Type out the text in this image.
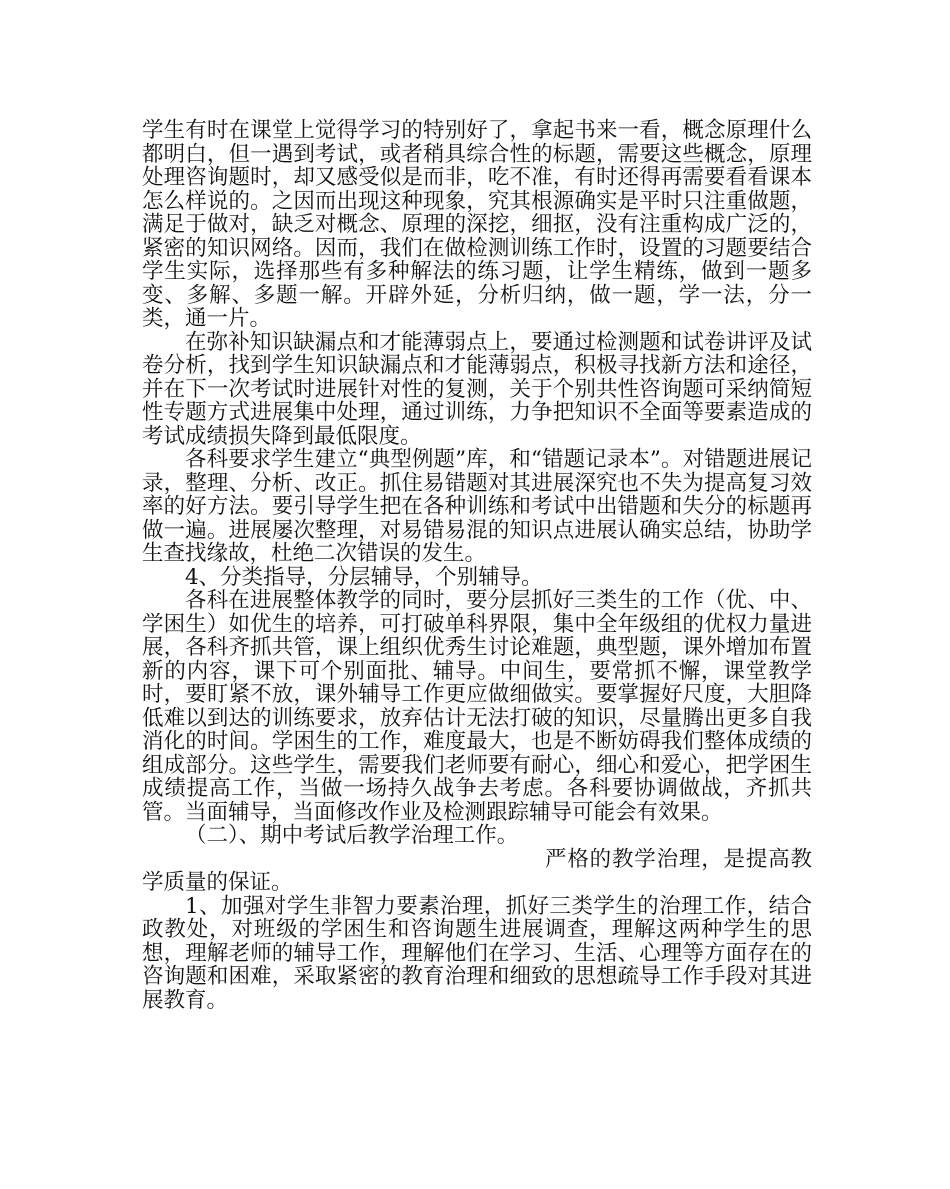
学生有时在课堂上觉得学习的特别好了，拿起书来一看，概念原理什么都明白，但一遇到考试，或者稍具综合性的标题，需要这些概念，原理处理咨询题时，却又感受似是而非，吃不准，有时还得再需要看看课本怎么样说的。之因而出现这种现象，究其根源确实是平时只注重做题，满足于做对，缺乏对概念、原理的深挖，细抠，没有注重构成广泛的，紧密的知识网络。因而，我们在做检测训练工作时，设置的习题要结合学生实际，选择那些有多种解法的练习题，让学生精练，做到一题多变、多解、多题一解。开辟外延，分析归纳，做一题，学一法，分一类，通一片。

在弥补知识缺漏点和才能薄弱点上，要通过检测题和试卷讲评及试卷分析，找到学生知识缺漏点和才能薄弱点，积极寻找新方法和途径，并在下一次考试时进展针对性的复测，关于个别共性咨询题可采纳简短性专题方式进展集中处理，通过训练，力争把知识不全面等要素造成的考试成绩损失降到最低限度。

各科要求学生建立“典型例题”库，和“错题记录本”。对错题进展记录，整理、分析、改正。抓住易错题对其进展深究也不失为提高复习效率的好方法。要引导学生把在各种训练和考试中出错题和失分的标题再做一遍。进展屡次整理，对易错易混的知识点进展认确实总结，协助学生查找缘故，杜绝二次错误的发生。

4、分类指导，分层辅导，个别辅导。

各科在进展整体教学的同时，要分层抓好三类生的工作（优、中、学困生）如优生的培养，可打破单科界限，集中全年级组的优权力量进展，各科齐抓共管，课上组织优秀生讨论难题，典型题，课外增加布置新的内容，课下可个别面批、辅导。中间生，要常抓不懈，课堂教学时，要盯紧不放，课外辅导工作更应做细做实。要掌握好尺度，大胆降低难以到达的训练要求，放弃估计无法打破的知识，尽量腾出更多自我消化的时间。学困生的工作，难度最大，也是不断妨碍我们整体成绩的组成部分。这些学生，需要我们老师要有耐心，细心和爱心，把学困生成绩提高工作，当做一场持久战争去考虑。各科要协调做战，齐抓共管。当面辅导，当面修改作业及检测跟踪辅导可能会有效果。

（二）、期中考试后教学治理工作。

严格的教学治理，是提高教学质量的保证。

1、加强对学生非智力要素治理，抓好三类学生的治理工作，结合政教处，对班级的学困生和咨询题生进展调查，理解这两种学生的思想，理解老师的辅导工作，理解他们在学习、生活、心理等方面存在的咨询题和困难，采取紧密的教育治理和细致的思想疏导工作手段对其进展教育。
